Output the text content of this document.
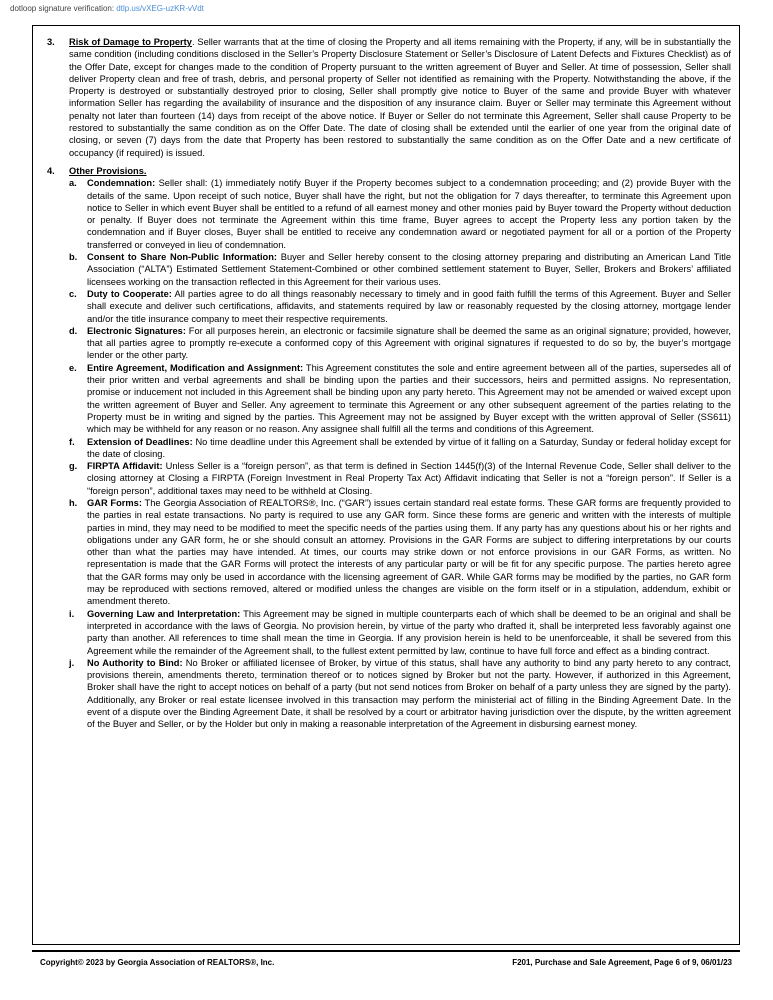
dotloop signature verification: dtlp.us/vXEG-uzKR-vVdt
3.	Risk of Damage to Property. Seller warrants that at the time of closing the Property and all items remaining with the Property, if any, will be in substantially the same condition (including conditions disclosed in the Seller’s Property Disclosure Statement or Seller’s Disclosure of Latent Defects and Fixtures Checklist) as of the Offer Date, except for changes made to the condition of Property pursuant to the written agreement of Buyer and Seller. At time of possession, Seller shall deliver Property clean and free of trash, debris, and personal property of Seller not identified as remaining with the Property. Notwithstanding the above, if the Property is destroyed or substantially destroyed prior to closing, Seller shall promptly give notice to Buyer of the same and provide Buyer with whatever information Seller has regarding the availability of insurance and the disposition of any insurance claim. Buyer or Seller may terminate this Agreement without penalty not later than fourteen (14) days from receipt of the above notice. If Buyer or Seller do not terminate this Agreement, Seller shall cause Property to be restored to substantially the same condition as on the Offer Date. The date of closing shall be extended until the earlier of one year from the original date of closing, or seven (7) days from the date that Property has been restored to substantially the same condition as on the Offer Date and a new certificate of occupancy (if required) is issued.
4.	Other Provisions.
a.	Condemnation: Seller shall: (1) immediately notify Buyer if the Property becomes subject to a condemnation proceeding; and (2) provide Buyer with the details of the same. Upon receipt of such notice, Buyer shall have the right, but not the obligation for 7 days thereafter, to terminate this Agreement upon notice to Seller in which event Buyer shall be entitled to a refund of all earnest money and other monies paid by Buyer toward the Property without deduction or penalty. If Buyer does not terminate the Agreement within this time frame, Buyer agrees to accept the Property less any portion taken by the condemnation and if Buyer closes, Buyer shall be entitled to receive any condemnation award or negotiated payment for all or a portion of the Property transferred or conveyed in lieu of condemnation.
b.	Consent to Share Non-Public Information: Buyer and Seller hereby consent to the closing attorney preparing and distributing an American Land Title Association (“ALTA”) Estimated Settlement Statement-Combined or other combined settlement statement to Buyer, Seller, Brokers and Brokers’ affiliated licensees working on the transaction reflected in this Agreement for their various uses.
c.	Duty to Cooperate: All parties agree to do all things reasonably necessary to timely and in good faith fulfill the terms of this Agreement. Buyer and Seller shall execute and deliver such certifications, affidavits, and statements required by law or reasonably requested by the closing attorney, mortgage lender and/or the title insurance company to meet their respective requirements.
d.	Electronic Signatures: For all purposes herein, an electronic or facsimile signature shall be deemed the same as an original signature; provided, however, that all parties agree to promptly re-execute a conformed copy of this Agreement with original signatures if requested to do so by, the buyer’s mortgage lender or the other party.
e.	Entire Agreement, Modification and Assignment: This Agreement constitutes the sole and entire agreement between all of the parties, supersedes all of their prior written and verbal agreements and shall be binding upon the parties and their successors, heirs and permitted assigns. No representation, promise or inducement not included in this Agreement shall be binding upon any party hereto. This Agreement may not be amended or waived except upon the written agreement of Buyer and Seller. Any agreement to terminate this Agreement or any other subsequent agreement of the parties relating to the Property must be in writing and signed by the parties. This Agreement may not be assigned by Buyer except with the written approval of Seller (SS611) which may be withheld for any reason or no reason. Any assignee shall fulfill all the terms and conditions of this Agreement.
f.	Extension of Deadlines: No time deadline under this Agreement shall be extended by virtue of it falling on a Saturday, Sunday or federal holiday except for the date of closing.
g.	FIRPTA Affidavit: Unless Seller is a “foreign person”, as that term is defined in Section 1445(f)(3) of the Internal Revenue Code, Seller shall deliver to the closing attorney at Closing a FIRPTA (Foreign Investment in Real Property Tax Act) Affidavit indicating that Seller is not a “foreign person”. If Seller is a “foreign person”, additional taxes may need to be withheld at Closing.
h.	GAR Forms: The Georgia Association of REALTORS®, Inc. (“GAR”) issues certain standard real estate forms. These GAR forms are frequently provided to the parties in real estate transactions. No party is required to use any GAR form. Since these forms are generic and written with the interests of multiple parties in mind, they may need to be modified to meet the specific needs of the parties using them. If any party has any questions about his or her rights and obligations under any GAR form, he or she should consult an attorney. Provisions in the GAR Forms are subject to differing interpretations by our courts other than what the parties may have intended. At times, our courts may strike down or not enforce provisions in our GAR Forms, as written. No representation is made that the GAR Forms will protect the interests of any particular party or will be fit for any specific purpose. The parties hereto agree that the GAR forms may only be used in accordance with the licensing agreement of GAR. While GAR forms may be modified by the parties, no GAR form may be reproduced with sections removed, altered or modified unless the changes are visible on the form itself or in a stipulation, addendum, exhibit or amendment thereto.
i.	Governing Law and Interpretation: This Agreement may be signed in multiple counterparts each of which shall be deemed to be an original and shall be interpreted in accordance with the laws of Georgia. No provision herein, by virtue of the party who drafted it, shall be interpreted less favorably against one party than another. All references to time shall mean the time in Georgia. If any provision herein is held to be unenforceable, it shall be severed from this Agreement while the remainder of the Agreement shall, to the fullest extent permitted by law, continue to have full force and effect as a binding contract.
j.	No Authority to Bind: No Broker or affiliated licensee of Broker, by virtue of this status, shall have any authority to bind any party hereto to any contract, provisions therein, amendments thereto, termination thereof or to notices signed by Broker but not the party. However, if authorized in this Agreement, Broker shall have the right to accept notices on behalf of a party (but not send notices from Broker on behalf of a party unless they are signed by the party). Additionally, any Broker or real estate licensee involved in this transaction may perform the ministerial act of filling in the Binding Agreement Date. In the event of a dispute over the Binding Agreement Date, it shall be resolved by a court or arbitrator having jurisdiction over the dispute, by the written agreement of the Buyer and Seller, or by the Holder but only in making a reasonable interpretation of the Agreement in disbursing earnest money.
Copyright© 2023 by Georgia Association of REALTORS®, Inc.	F201, Purchase and Sale Agreement, Page 6 of 9, 06/01/23
